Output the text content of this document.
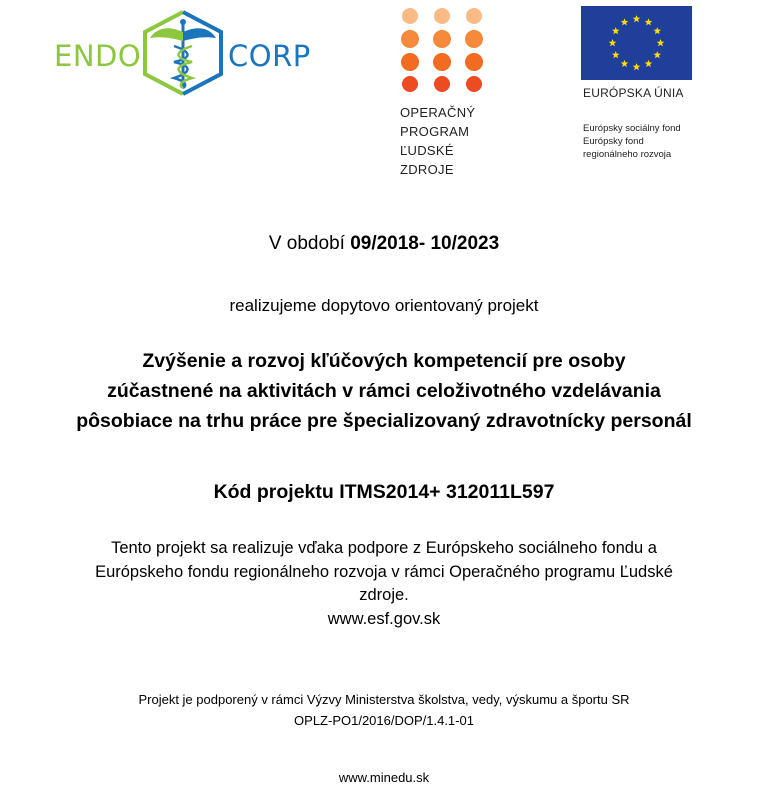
ENDO	CORP
OPERAČNÝ
PROGRAM
ĽUDSKÉ
ZDROJE
EURÓPSKA ÚNIA
Európsky sociálny fond
Európsky fond
regionálneho rozvoja
V období 09/2018- 10/2023
realizujeme dopytovo orientovaný projekt
Zvýšenie a rozvoj kľúčových kompetencií pre osoby
zúčastnené na aktivitách v rámci celoživotného vzdelávania
pôsobiace na trhu práce pre špecializovaný zdravotnícky personál
Kód projektu ITMS2014+ 312011L597
Tento projekt sa realizuje vďaka podpore z Európskeho sociálneho fondu a
Európskeho fondu regionálneho rozvoja v rámci Operačného programu Ľudské
zdroje.
www.esf.gov.sk
Projekt je podporený v rámci Výzvy Ministerstva školstva, vedy, výskumu a športu SR
OPLZ-PO1/2016/DOP/1.4.1-01
www.minedu.sk
